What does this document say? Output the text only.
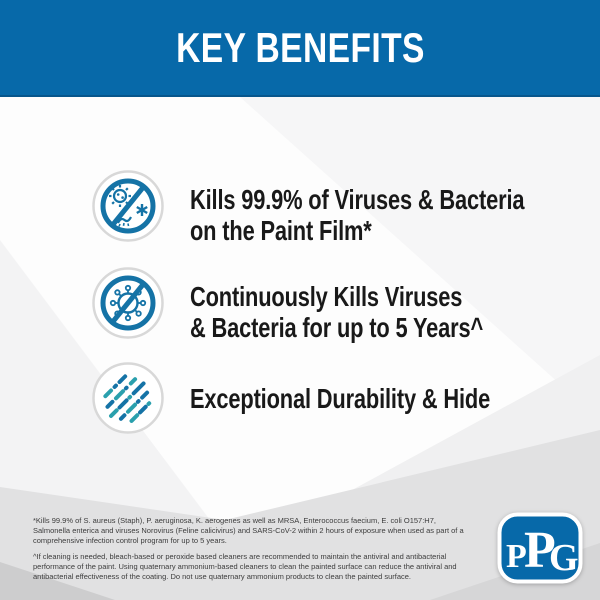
KEY BENEFITS
Kills 99.9% of Viruses & Bacteria
on the Paint Film*
Continuously Kills Viruses
& Bacteria for up to 5 Years^
Exceptional Durability & Hide

*Kills 99.9% of S. aureus (Staph), P. aeruginosa, K. aerogenes as well as MRSA, Enterococcus faecium, E. coli O157:H7, Salmonella enterica and viruses Norovirus (Feline calicivirus) and SARS-CoV-2 within 2 hours of exposure when used as part of a comprehensive infection control program for up to 5 years.

^If cleaning is needed, bleach-based or peroxide based cleaners are recommended to maintain the antiviral and antibacterial performance of the paint. Using quaternary ammonium-based cleaners to clean the painted surface can reduce the antiviral and antibacterial effectiveness of the coating. Do not use quaternary ammonium products to clean the painted surface.

P
P
G
